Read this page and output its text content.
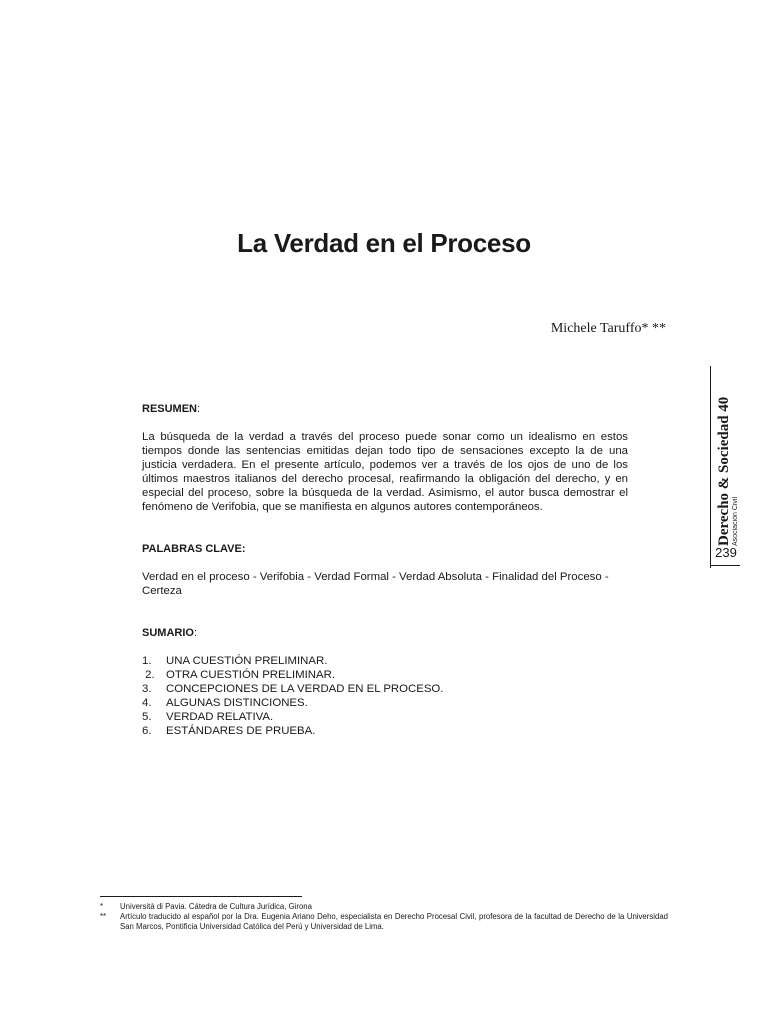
La Verdad en el Proceso
Michele Taruffo* **
Derecho & Sociedad 40 Asociación Civil
239

RESUMEN:

La búsqueda de la verdad a través del proceso puede sonar como un idealismo en estos tiempos donde las sentencias emitidas dejan todo tipo de sensaciones excepto la de una justicia verdadera. En el presente artículo, podemos ver a través de los ojos de uno de los últimos maestros italianos del derecho procesal, reafirmando la obligación del derecho, y en especial del proceso, sobre la búsqueda de la verdad. Asimismo, el autor busca demostrar el fenómeno de Verifobia, que se manifiesta en algunos autores contemporáneos.

PALABRAS CLAVE:

Verdad en el proceso - Verifobia - Verdad Formal - Verdad Absoluta - Finalidad del Proceso - Certeza

SUMARIO:

1.	UNA CUESTIÓN PRELIMINAR.
2. OTRA CUESTIÓN PRELIMINAR.
3.	CONCEPCIONES DE LA VERDAD EN EL PROCESO.
4.	ALGUNAS DISTINCIONES.
5.	VERDAD RELATIVA.
6.	ESTÁNDARES DE PRUEBA.
*	Università di Pavia. Cátedra de Cultura Jurídica, Girona
**	Artículo traducido al español por la Dra. Eugenia Ariano Deho, especialista en Derecho Procesal Civil, profesora de la facultad de Derecho de la Universidad San Marcos, Pontificia Universidad Católica del Perú y Universidad de Lima.
